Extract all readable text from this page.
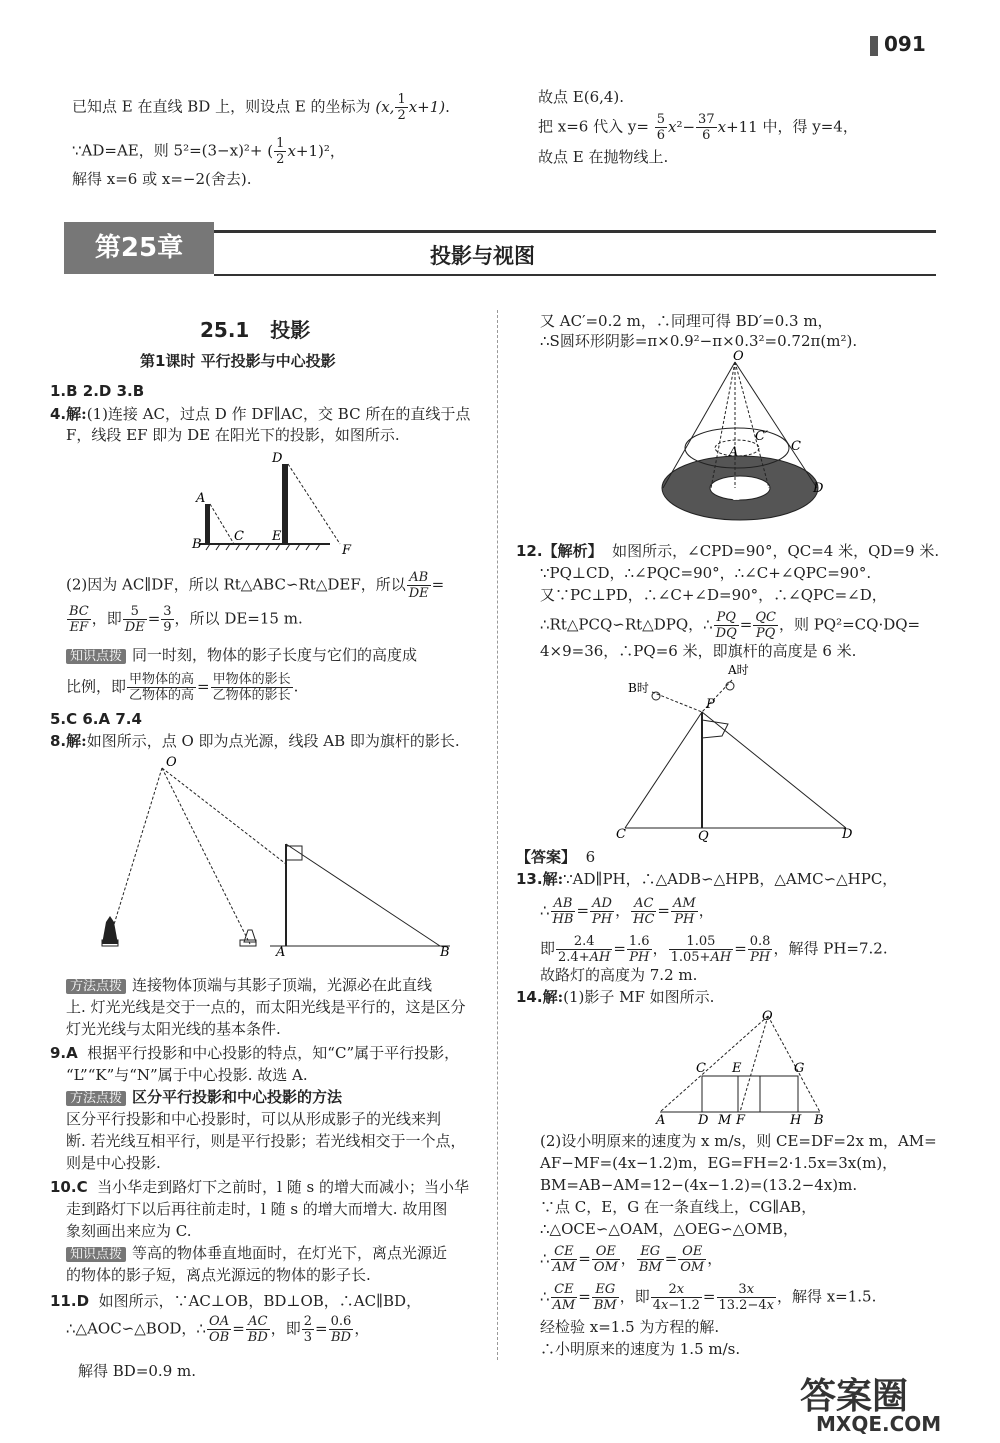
091
已知点 E 在直线 BD 上，则设点 E 的坐标为 (x, $\frac{1}{2} x+1$).
∵AD=AE，则 5²=(3−x)²+ ( $\frac{1}{2} x+1)^2$，
解得 x=6 或 x=−2(舍去).
故点 E(6,4).
把 x=6 代入 $y= \frac{5}{6} x^2- \frac{37}{6} x+11$ 中，得 y=4，
故点 E 在抛物线上.
第25章	投影与视图
25.1 投影
第1课时 平行投影与中心投影
1.B 2.D 3.B
4.解:(1)连接 AC，过点 D 作 DF∥AC，交 BC 所在的直线于点
F，线段 EF 即为 DE 在阳光下的投影，如图所示.
D
A
B
C E
F
(2)因为 AC∥DF，所以 Rt△ABC∽Rt△DEF，所以 $\frac{AB}{DE}$ =
$\frac{BC}{EF}$ ，即 $\frac{5}{DE} = \frac{3}{9}$ ，所以 DE=15 m.
知识点拨 同一时刻，物体的影子长度与它们的高度成
比例，即 $\frac{\text{甲物体的高}}{\text{乙物体的高}} = \frac{\text{甲物体的影长}}{\text{乙物体的影长}}$ .
5.C 6.A 7.4
8.解:如图所示，点 O 即为点光源，线段 AB 即为旗杆的影长.
O
A	B
方法点拨 连接物体顶端与其影子顶端，光源必在此直线
上. 灯光光线是交于一点的，而太阳光线是平行的，这是区分
灯光光线与太阳光线的基本条件.
9.A 根据平行投影和中心投影的特点，知“C”属于平行投影，
“L”“K”与“N”属于中心投影. 故选 A.
方法点拨 区分平行投影和中心投影的方法
区分平行投影和中心投影时，可以从形成影子的光线来判
断. 若光线互相平行，则是平行投影；若光线相交于一个点，
则是中心投影.
10.C 当小华走到路灯下之前时，l 随 s 的增大而减小；当小华
走到路灯下以后再往前走时，l 随 s 的增大而增大. 故用图
象刻画出来应为 C.
知识点拨 等高的物体垂直地面时，在灯光下，离点光源近
的物体的影子短，离点光源远的物体的影子长.
11.D 如图所示，∵AC⊥OB，BD⊥OB，∴AC∥BD，
∴△AOC∽△BOD，∴ $\frac{OA}{OB} = \frac{AC}{BD}$ ，即 $\frac{2}{3} = \frac{0.6}{BD}$ ，
解得 BD=0.9 m.
又 AC′=0.2 m，∴同理可得 BD′=0.3 m，
∴S圆环形阴影=π×0.9²−π×0.3²=0.72π(m²).
O
C
C′
A
B
D
12.【解析】 如图所示，∠CPD=90°，QC=4 米，QD=9 米.
∵PQ⊥CD，∴∠PQC=90°，∴∠C+∠QPC=90°.
又∵PC⊥PD，∴∠C+∠D=90°，∴∠QPC=∠D，
∴Rt△PCQ∽Rt△DPQ，∴ $\frac{PQ}{DQ} = \frac{QC}{PQ}$ ，则 PQ²=CQ·DQ=
4×9=36，∴PQ=6 米，即旗杆的高度是 6 米.
B时
A时
P
C	Q	D
【答案】 6
13.解:∵AD∥PH，∴△ADB∽△HPB，△AMC∽△HPC，
∴ $\frac{AB}{HB} = \frac{AD}{PH}$ ， $\frac{AC}{HC} = \frac{AM}{PH}$ ，
即 $\frac{2.4}{2.4+AH} = \frac{1.6}{PH}$ ， $\frac{1.05}{1.05+AH} = \frac{0.8}{PH}$ ，解得 PH=7.2.
故路灯的高度为 7.2 m.
14.解:(1)影子 MF 如图所示.
O
C E	G
A	D M F	H B
(2)设小明原来的速度为 x m/s，则 CE=DF=2x m，AM=
AF−MF=(4x−1.2)m，EG=FH=2·1.5x=3x(m)，
BM=AB−AM=12−(4x−1.2)=(13.2−4x)m.
∵点 C，E，G 在一条直线上，CG∥AB，
∴△OCE∽△OAM，△OEG∽△OMB，
∴ $\frac{CE}{AM} = \frac{OE}{OM}$ ， $\frac{EG}{BM} = \frac{OE}{OM}$ ，
∴ $\frac{CE}{AM} = \frac{EG}{BM}$ ，即 $\frac{2x}{4x-1.2} = \frac{3x}{13.2-4x}$ ，解得 x=1.5.
经检验 x=1.5 为方程的解.
∴小明原来的速度为 1.5 m/s.
答案圈
MXQE.COM
